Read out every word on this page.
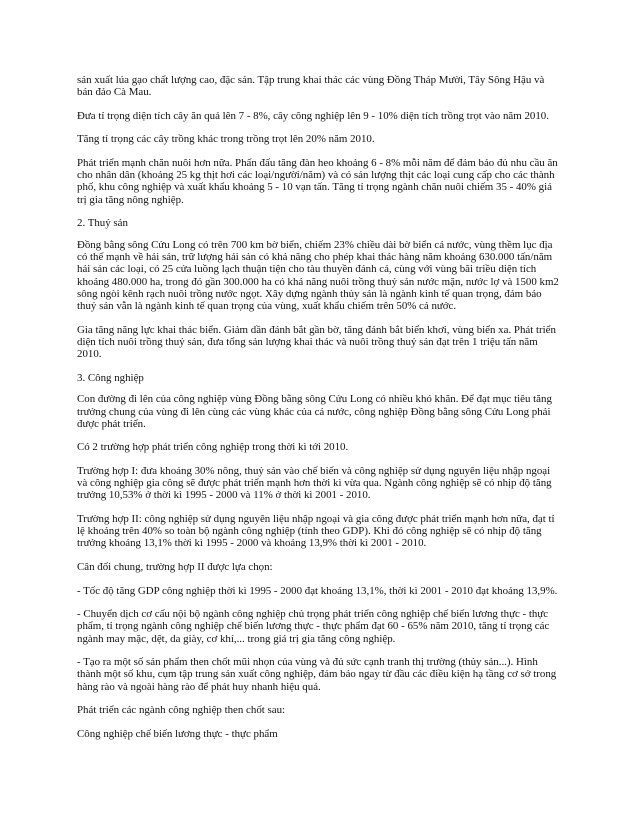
sản xuất lúa gạo chất lượng cao, đặc sản. Tập trung khai thác các vùng Đồng Tháp Mười, Tây Sông Hậu và bán đảo Cà Mau.

Đưa tỉ trọng diện tích cây ăn quả lên 7 - 8%, cây công nghiệp lên 9 - 10% diện tích trồng trọt vào năm 2010.

Tăng tỉ trọng các cây trồng khác trong trồng trọt lên 20% năm 2010.

Phát triển mạnh chăn nuôi hơn nữa. Phấn đấu tăng đàn heo khoảng 6 - 8% mỗi năm để đảm bảo đủ nhu cầu ăn cho nhân dân (khoảng 25 kg thịt hơi các loại/người/năm) và có sản lượng thịt các loại cung cấp cho các thành phố, khu công nghiệp và xuất khẩu khoảng 5 - 10 vạn tấn. Tăng tỉ trọng ngành chăn nuôi chiếm 35 - 40% giá trị gia tăng nông nghiệp.

2. Thuỷ sản

Đồng bằng sông Cửu Long có trên 700 km bờ biển, chiếm 23% chiều dài bờ biển cả nước, vùng thềm lục địa có thế mạnh về hải sản, trữ lượng hải sản có khả năng cho phép khai thác hàng năm khoảng 630.000 tấn/năm hải sản các loại, có 25 cửa luồng lạch thuận tiện cho tàu thuyền đánh cá, cùng với vùng bãi triều diện tích khoảng 480.000 ha, trong đó gần 300.000 ha có khả năng nuôi trồng thuỷ sản nước mặn, nước lợ và 1500 km2 sông ngòi kênh rạch nuôi trồng nước ngọt. Xây dựng ngành thủy sản là ngành kinh tế quan trọng, đảm bảo thuỷ sản vẫn là ngành kinh tế quan trọng của vùng, xuất khẩu chiếm trên 50% cả nước.

Gia tăng năng lực khai thác biển. Giảm dần đánh bắt gần bờ, tăng đánh bắt biển khơi, vùng biển xa. Phát triển diện tích nuôi trồng thuỷ sản, đưa tổng sản lượng khai thác và nuôi trồng thuỷ sản đạt trên 1 triệu tấn năm 2010.

3. Công nghiệp

Con đường đi lên của công nghiệp vùng Đồng bằng sông Cửu Long có nhiều khó khăn. Để đạt mục tiêu tăng trưởng chung của vùng đi lên cùng các vùng khác của cả nước, công nghiệp Đồng bằng sông Cửu Long phải được phát triển.

Có 2 trường hợp phát triển công nghiệp trong thời kì tới 2010.

Trường hợp I: đưa khoảng 30% nông, thuỷ sản vào chế biến và công nghiệp sử dụng nguyên liệu nhập ngoại và công nghiệp gia công sẽ được phát triển mạnh hơn thời kì vừa qua. Ngành công nghiệp sẽ có nhịp độ tăng trưởng 10,53% ở thời kì 1995 - 2000 và 11% ở thời kì 2001 - 2010.

Trường hợp II: công nghiệp sử dụng nguyên liệu nhập ngoại và gia công được phát triển mạnh hơn nữa, đạt tỉ lệ khoảng trên 40% so toàn bộ ngành công nghiệp (tính theo GDP). Khi đó công nghiệp sẽ có nhịp độ tăng trưởng khoảng 13,1% thời kì 1995 - 2000 và khoảng 13,9% thời kì 2001 - 2010.

Cân đối chung, trường hợp II được lựa chọn:

- Tốc độ tăng GDP công nghiệp thời kì 1995 - 2000 đạt khoảng 13,1%, thời kì 2001 - 2010 đạt khoảng 13,9%.

- Chuyển dịch cơ cấu nội bộ ngành công nghiệp chủ trọng phát triển công nghiệp chế biến lương thực - thực phẩm, tỉ trọng ngành công nghiệp chế biến lương thực - thực phẩm đạt 60 - 65% năm 2010, tăng tỉ trọng các ngành may mặc, dệt, da giày, cơ khí,... trong giá trị gia tăng công nghiệp.

- Tạo ra một số sản phẩm then chốt mũi nhọn của vùng và đủ sức cạnh tranh thị trường (thủy sản...). Hình thành một số khu, cụm tập trung sản xuất công nghiệp, đảm bảo ngay từ đầu các điều kiện hạ tầng cơ sở trong hàng rào và ngoài hàng rào để phát huy nhanh hiệu quả.

Phát triển các ngành công nghiệp then chốt sau:

Công nghiệp chế biến lương thực - thực phẩm
